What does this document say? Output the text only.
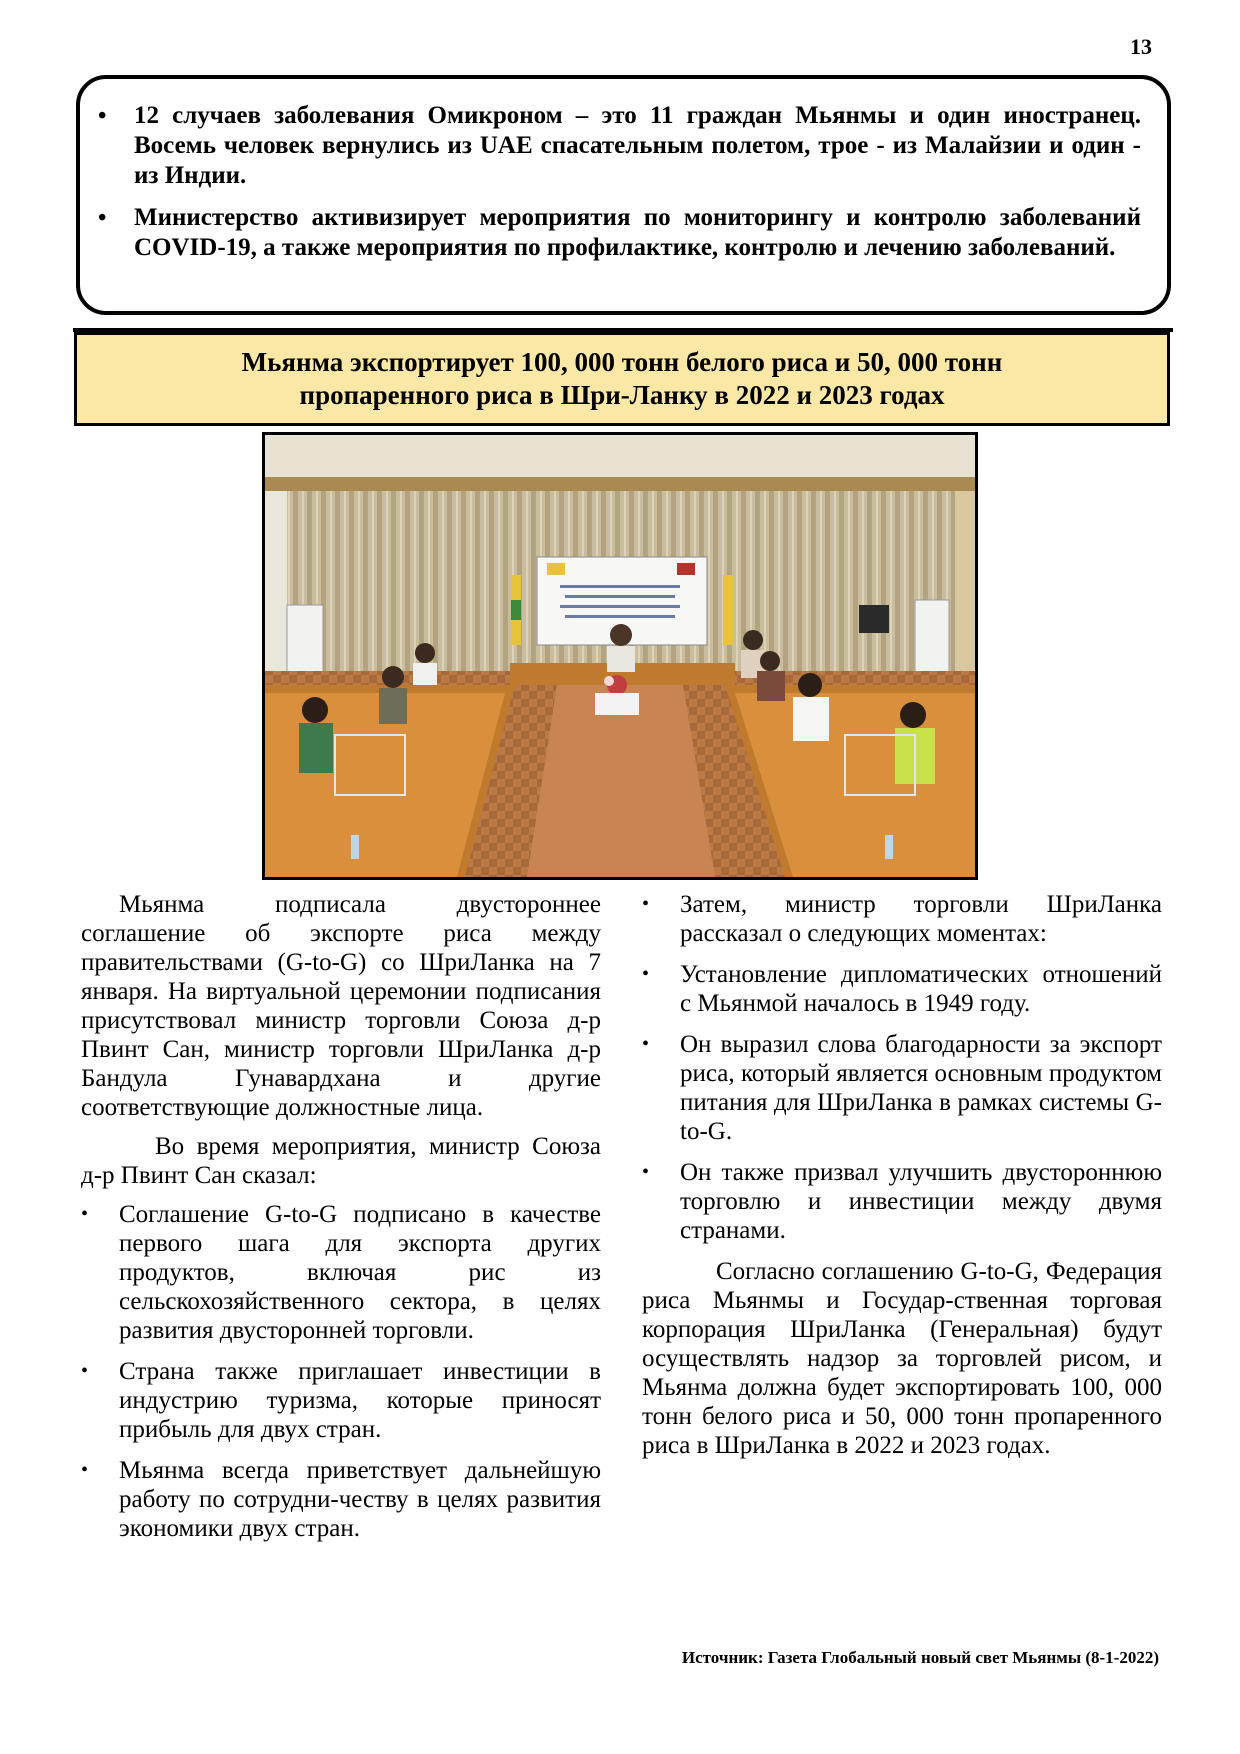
13
• 12 случаев заболевания Омикроном – это 11 граждан Мьянмы и один иностранец. Восемь человек вернулись из UAE спасательным полетом, трое - из Малайзии и один - из Индии.
• Министерство активизирует мероприятия по мониторингу и контролю заболеваний COVID-19, а также мероприятия по профилактике, контролю и лечению заболеваний.
Мьянма экспортирует 100, 000 тонн белого риса и 50, 000 тонн пропаренного риса в Шри-Ланку в 2022 и 2023 годах

Мьянма подписала двустороннее соглашение об экспорте риса между правительствами (G-to-G) со ШриЛанка на 7 января. На виртуальной церемонии подписания присутствовал министр торговли Союза д-р Пвинт Сан, министр торговли ШриЛанка д-р Бандула Гунавардхана и другие соответствующие должностные лица.

Во время мероприятия, министр Союза д-р Пвинт Сан сказал:

• Соглашение G-to-G подписано в качестве первого шага для экспорта других продуктов, включая рис из сельскохозяйственного сектора, в целях развития двусторонней торговли.
• Страна также приглашает инвестиции в индустрию туризма, которые приносят прибыль для двух стран.
• Мьянма всегда приветствует дальнейшую работу по сотрудни-честву в целях развития экономики двух стран.
• Затем, министр торговли ШриЛанка рассказал о следующих моментах:
• Установление дипломатических отношений с Мьянмой началось в 1949 году.
• Он выразил слова благодарности за экспорт риса, который является основным продуктом питания для ШриЛанка в рамках системы G-to-G.
• Он также призвал улучшить двустороннюю торговлю и инвестиции между двумя странами.

Согласно соглашению G-to-G, Федерация риса Мьянмы и Государ-ственная торговая корпорация ШриЛанка (Генеральная) будут осуществлять надзор за торговлей рисом, и Мьянма должна будет экспортировать 100, 000 тонн белого риса и 50, 000 тонн пропаренного риса в ШриЛанка в 2022 и 2023 годах.

Источник: Газета Глобальный новый свет Мьянмы (8-1-2022)
